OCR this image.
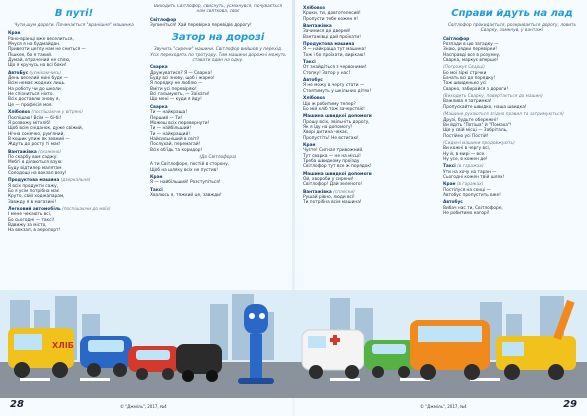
В путі!
Чути шум дороги. Починається "вранішня" машинка
Кран
Рано-вранці вже веселиться,
Мчуся я на будмайдан.
Привезти цеглу нам не сниться —
Пішкее, бо я такий.
Думай, втрачений не сплю,
Що я кручусь на всі боки!
АвтоБус (усміхаючись)
День веселий нині буде —
Всім немає жодних лиць.
На роботу чи до школи
Не спізниться ніхто.
Всіх доставлю знову я,
Це — професія моя.
Хлібовоз (поспішаючи у вітряні)
Поспішаю! Всім — бі-бі!
Я розвожу мітхліб!
Щоб всім сніданок, дуже свіжий,
Нічна сонечко, рум'яний,
В кошик упиж як зевний —
Ждуть до росту ті має!
Вантажівка (скажено)
По скарбу вам саджу:
Мебгі в ділаються взую:
Буду відтилер малятам
Солодощі на вокзал везу!
Продуктова машина (дзеркальне)
Я всіх продукти сажу,
Бо я усім потрібна має
Круто, свій ходжапарам,
Завжду я в магазині!
Легковий автомобіль (поспішаючи до моїх)
І мене чекають всі,
Бо сьогодні — таксі!
Вдвижу за місто,
На вокзал, в аеропорт!
Виходить Світлофор, свиснуть, усміхнувся, почувається нам святкова, своє
Світлофор
Зупиніться! Хай перевірка перевідів дорогу!
Затор на дорозі
Звучить "сирени" машини. Світлофор вийшов у перехід. Усіх переходять по тротуару. Тим машини дорожні можуть ставати один на одну.
Сварка
Дружуватися? Я — Сварка!
Буду всі знову, щоб і жарко!
Я порядку не люблю —
Вміти усі перевіряю!
Всі гальмують, — Заїхати!
Що мені — куди я йду!
Сварка
Ти — найкраща!
Перший — Ти!
Можеш всіх перевернути!
Ти — найбільший!
Ти — найкращий!
Найсильніший в світі!
Послухай, перемагай!
Всіх об'їдь та коридор!
(До Світлофора)
А ти Світлофоре, постій в сторону,
Щоб на шляху всіх не пустив!
Кран
Я — найбільший! Розступіться!
Таксі
Хвалюсь я, тяжкий це, завжди!
Хлібовоз
Кроки, ти, довготелесий!
Пропусти тебе кожен я!
Вантажівка
Зачинися до дверей!
Вантажівці дай проїхати!
Продуктова машина
Я — найкраща тут машина!
Тож і бо проїхати, вирікаю!
Таксі
От знайдіться з червоними!
Стопку! Затор у нас!
Автобус
Я не можу в чергу стати —
Стоятимуть у шкільних дітях!
Хлібовоз
Що ж робитиму тепер?
Бо мій хліб тож зачерствіє!
Машина швидкої допомоги
Прошу всіх, звільніть дорогу,
Як я їду на допомогу!
Хворі дитина чекає,
Пропустіть! Не встигаю!
Кран
Чуєте! Сигнал тривожний.
Тут сварка — не на місці!
Треба швидкому проїзду
Світлофор тут все ж порядок!
Машина швидкої допомоги
Ой, хвороби у сирени!
Світлофор! Дай зеленого!
Вантажівка (сплески)
Рушай рівно, люди всі!
Ти потрібна всім машина!
Справи йдуть на лад
Світлофор прокидається, розкривається дорогу, ловить Сварку, замкнув, у вантажі
Світлофор
Розпади в цю загадку —
Знаю, рядки перевірки!
Насправді все в розумну,
Сварка, маркує вперше!
(Погрожує Сварці)
Бо мої зіркі стрічки
Бачать всі до порядку!
Тож швиденько усі
Сварко, забирайся з дороги!
(Виходить Сварку, повертається до машин)
Важлива я затримка!
Пропускайте швидко, наша швидка!
(Машини рухаються згідно правил та затримуються)
Друзі, будьте обережні!
Ви йдіть "Потіша" й "Помаха"!
Ще у свій місці — Забріталь,
Постійно усі Постій!
(Сидючі машини продовжують)
Ви кожні в чергу всі,
Ну й, в мирі — все.
Ну усе, в кожен де!
Таксі (в гаражах)
Ути на хочу на таран —
Сьогодні кожен твій шлях!
Кран (в гаражах)
Постілуся на сонці —
Автобус пропустить вже!
Автобус
Вибач нас ти, Світлофоре,
Не робитимо нагорі!
ХЛІБ
28	29
© "Джміль", 2017, №4	© "Джміль", 2017, №4
